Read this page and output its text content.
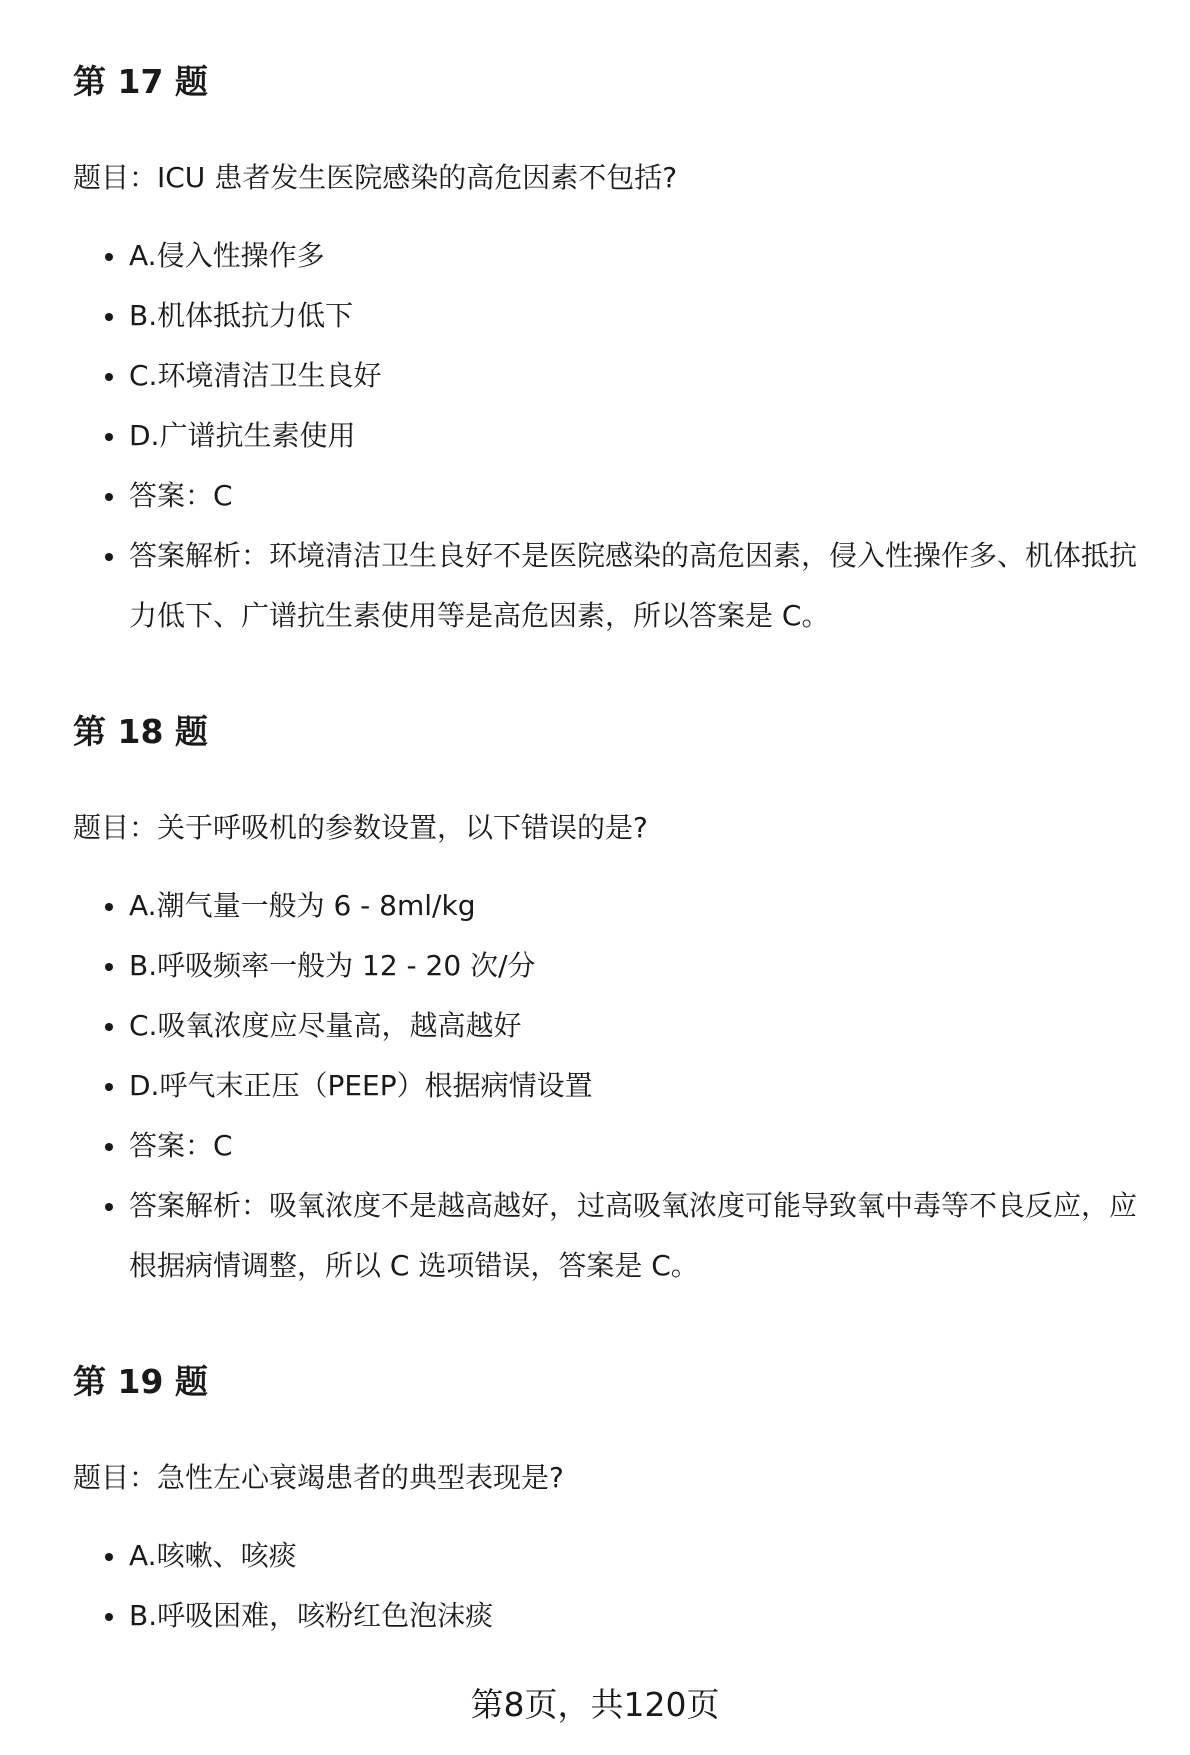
第 17 题

题目：ICU 患者发生医院感染的高危因素不包括?

A.侵入性操作多
B.机体抵抗力低下
C.环境清洁卫生良好
D.广谱抗生素使用
答案：C
答案解析：环境清洁卫生良好不是医院感染的高危因素，侵入性操作多、机体抵抗力低下、广谱抗生素使用等是高危因素，所以答案是 C。
第 18 题

题目：关于呼吸机的参数设置，以下错误的是?

A.潮气量一般为 6 - 8ml/kg
B.呼吸频率一般为 12 - 20 次/分
C.吸氧浓度应尽量高，越高越好
D.呼气末正压（PEEP）根据病情设置
答案：C
答案解析：吸氧浓度不是越高越好，过高吸氧浓度可能导致氧中毒等不良反应，应根据病情调整，所以 C 选项错误，答案是 C。
第 19 题

题目：急性左心衰竭患者的典型表现是?

A.咳嗽、咳痰
B.呼吸困难，咳粉红色泡沫痰
第8页，共120页
